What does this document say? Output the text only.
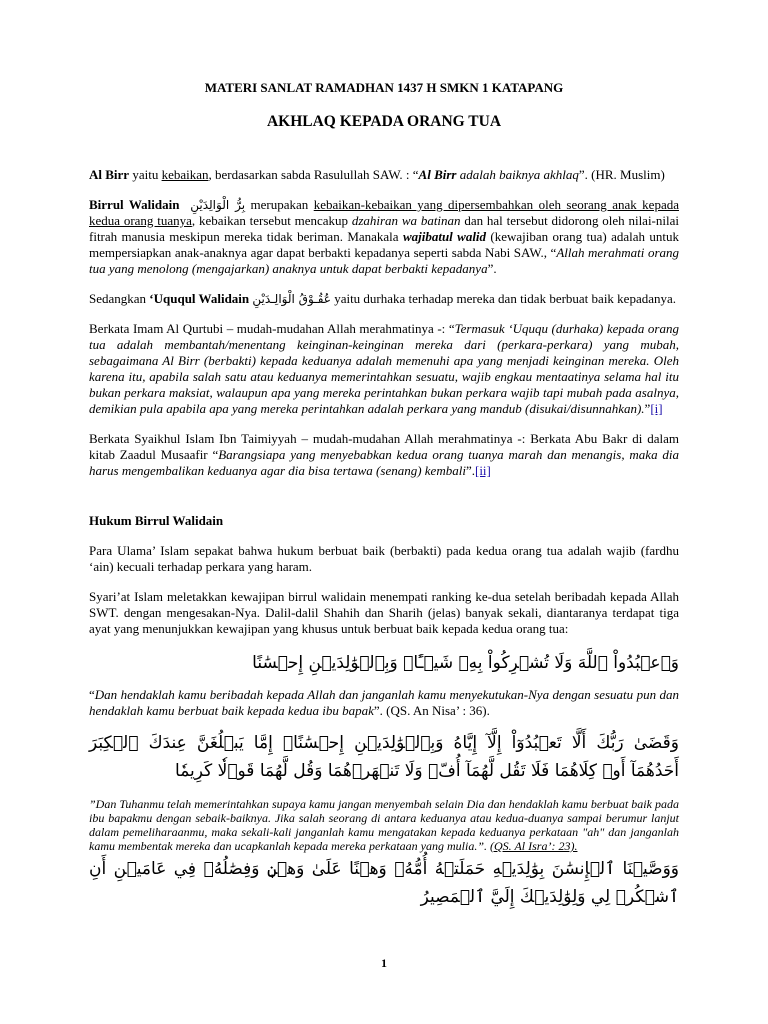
MATERI SANLAT RAMADHAN 1437 H SMKN 1 KATAPANG

AKHLAQ KEPADA ORANG TUA

Al Birr yaitu kebaikan, berdasarkan sabda Rasulullah SAW. : “Al Birr adalah baiknya akhlaq”. (HR. Muslim)

Birrul Walidain بِرُّ الْوَالِدَيْنِ merupakan kebaikan-kebaikan yang dipersembahkan oleh seorang anak kepada kedua orang tuanya, kebaikan tersebut mencakup dzahiran wa batinan dan hal tersebut didorong oleh nilai-nilai fitrah manusia meskipun mereka tidak beriman. Manakala wajibatul walid (kewajiban orang tua) adalah untuk mempersiapkan anak-anaknya agar dapat berbakti kepadanya seperti sabda Nabi SAW., “Allah merahmati orang tua yang menolong (mengajarkan) anaknya untuk dapat berbakti kepadanya”.

Sedangkan ‘Uququl Walidain عُقُـوْقُ الْوَالِـدَيْنِ yaitu durhaka terhadap mereka dan tidak berbuat baik kepadanya.

Berkata Imam Al Qurtubi – mudah-mudahan Allah merahmatinya -: “Termasuk ‘Uququ (durhaka) kepada orang tua adalah membantah/menentang keinginan-keinginan mereka dari (perkara-perkara) yang mubah, sebagaimana Al Birr (berbakti) kepada keduanya adalah memenuhi apa yang menjadi keinginan mereka. Oleh karena itu, apabila salah satu atau keduanya memerintahkan sesuatu, wajib engkau mentaatinya selama hal itu bukan perkara maksiat, walaupun apa yang mereka perintahkan bukan perkara wajib tapi mubah pada asalnya, demikian pula apabila apa yang mereka perintahkan adalah perkara yang mandub (disukai/disunnahkan).”[i]

Berkata Syaikhul Islam Ibn Taimiyyah – mudah-mudahan Allah merahmatinya -: Berkata Abu Bakr di dalam kitab Zaadul Musaafir “Barangsiapa yang menyebabkan kedua orang tuanya marah dan menangis, maka dia harus mengembalikan keduanya agar dia bisa tertawa (senang) kembali”.[ii]

Hukum Birrul Walidain

Para Ulama’ Islam sepakat bahwa hukum berbuat baik (berbakti) pada kedua orang tua adalah wajib (fardhu ‘ain) kecuali terhadap perkara yang haram.

Syari’at Islam meletakkan kewajipan birrul walidain menempati ranking ke-dua setelah beribadah kepada Allah SWT. dengan mengesakan-Nya. Dalil-dalil Shahih dan Sharih (jelas) banyak sekali, diantaranya terdapat tiga ayat yang menunjukkan kewajipan yang khusus untuk berbuat baik kepada kedua orang tua:

وَٱعۡبُدُواْ ٱللَّهَ وَلَا تُشۡرِكُواْ بِهِۦ شَيۡـًٔاۖ وَبِٱلۡوَٰلِدَيۡنِ إِحۡسَٰنًا

“Dan hendaklah kamu beribadah kepada Allah dan janganlah kamu menyekutukan-Nya dengan sesuatu pun dan hendaklah kamu berbuat baik kepada kedua ibu bapak”. (QS. An Nisa’ : 36).

وَقَضَىٰ رَبُّكَ أَلَّا تَعۡبُدُوٓاْ إِلَّآ إِيَّاهُ وَبِٱلۡوَٰلِدَيۡنِ إِحۡسَٰنًاۚ إِمَّا يَبۡلُغَنَّ عِندَكَ ٱلۡكِبَرَ أَحَدُهُمَآ أَوۡ كِلَاهُمَا فَلَا تَقُل لَّهُمَآ أُفّٖ وَلَا تَنۡهَرۡهُمَا وَقُل لَّهُمَا قَوۡلٗا كَرِيمٗا

”Dan Tuhanmu telah memerintahkan supaya kamu jangan menyembah selain Dia dan hendaklah kamu berbuat baik pada ibu bapakmu dengan sebaik-baiknya. Jika salah seorang di antara keduanya atau kedua-duanya sampai berumur lanjut dalam pemeliharaanmu, maka sekali-kali janganlah kamu mengatakan kepada keduanya perkataan "ah" dan janganlah kamu membentak mereka dan ucapkanlah kepada mereka perkataan yang mulia.”. (QS. Al Isra’: 23).

وَوَصَّيۡنَا ٱلۡإِنسَٰنَ بِوَٰلِدَيۡهِ حَمَلَتۡهُ أُمُّهُۥ وَهۡنًا عَلَىٰ وَهۡنٖ وَفِصَٰلُهُۥ فِي عَامَيۡنِ أَنِ ٱشۡكُرۡ لِي وَلِوَٰلِدَيۡكَ إِلَيَّ ٱلۡمَصِيرُ

1
